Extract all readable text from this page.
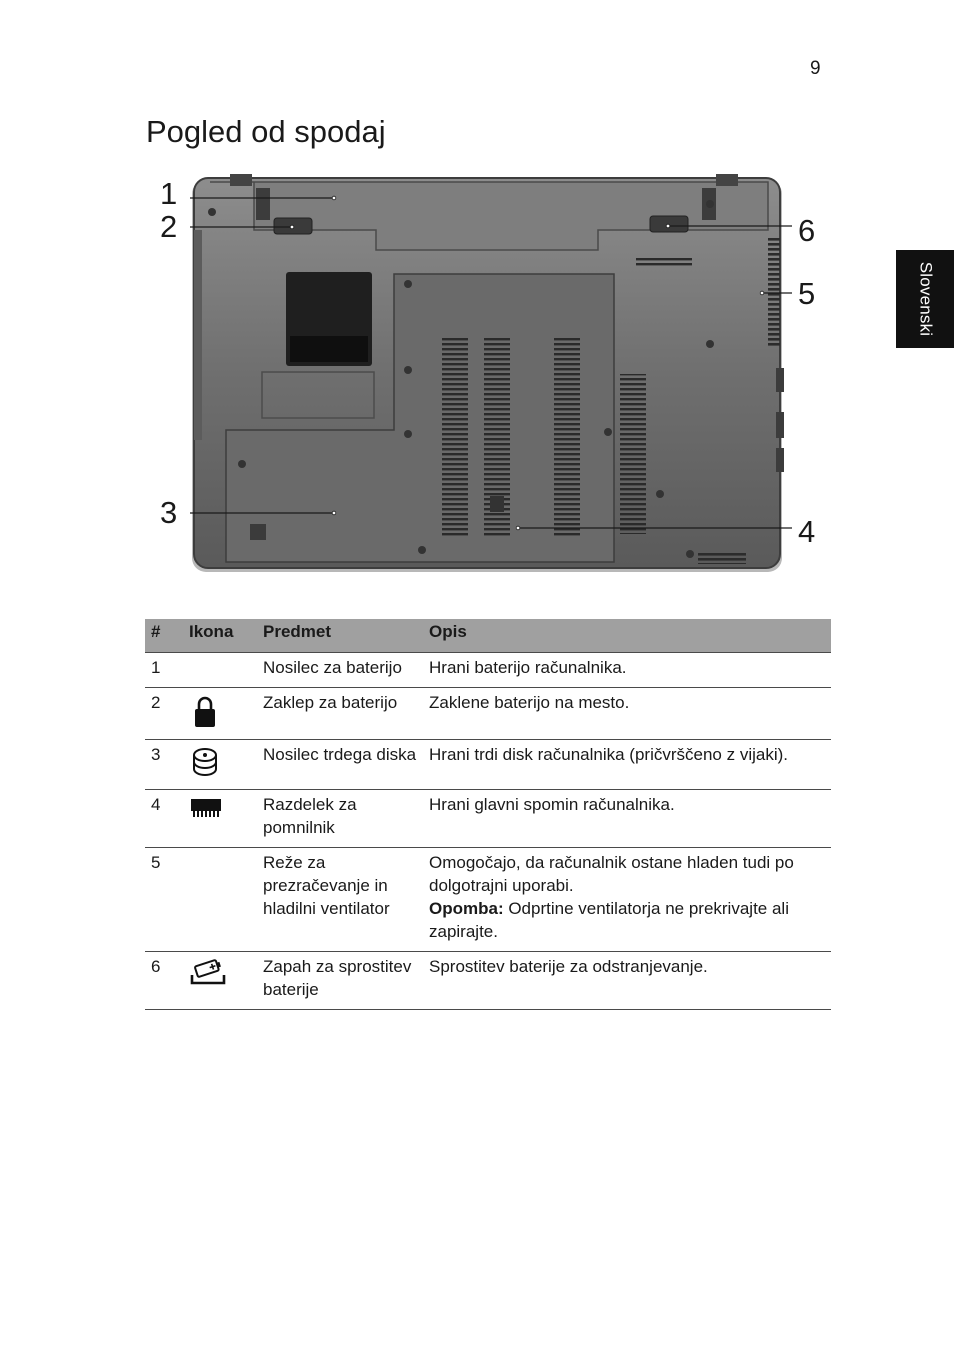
9
Slovenski
Pogled od spodaj
1
2
3
4
5
6
#	Ikona	Predmet	Opis
1		Nosilec za baterijo	Hrani baterijo računalnika.
2		Zaklep za baterijo	Zaklene baterijo na mesto.
3		Nosilec trdega diska	Hrani trdi disk računalnika (pričvrščeno z vijaki).
4		Razdelek za pomnilnik	Hrani glavni spomin računalnika.
5		Reže za prezračevanje in hladilni ventilator	Omogočajo, da računalnik ostane hladen tudi po dolgotrajni uporabi.
Opomba: Odprtine ventilatorja ne prekrivajte ali zapirajte.

6		Zapah za sprostitev baterije	Sprostitev baterije za odstranjevanje.
